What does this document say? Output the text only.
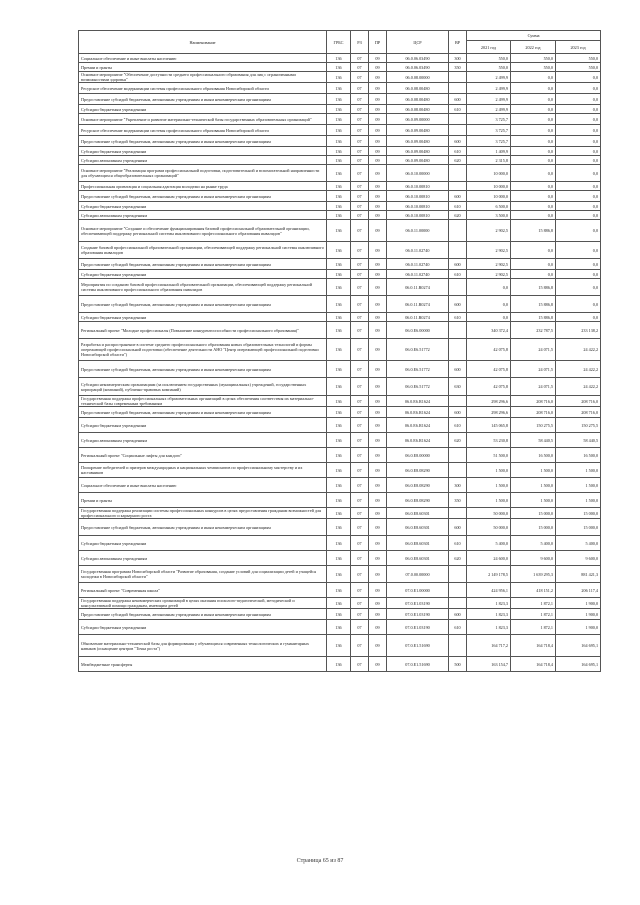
Наименование	ГРБС	РЗ	ПР	ЦСР	ВР	Сумма		
						2021 год	2022 год	2023 год
Социальное обеспечение и иные выплаты населению	136	07	09	06.0.06.03490	300	550,0	550,0	550,0
Премии и гранты	136	07	09	06.0.06.03490	350	550,0	550,0	550,0
Основное мероприятие "Обеспечение доступности среднего профессионального образования для лиц с ограниченными возможностями здоровья"	136	07	09	06.0.08.00000		2 499,9	0,0	0,0
Ресурсное обеспечение модернизации системы профессионального образования Новосибирской области	136	07	09	06.0.08.00480		2 499,9	0,0	0,0
Предоставление субсидий бюджетным, автономным учреждениям и иным некоммерческим организациям	136	07	09	06.0.08.00480	600	2 499,9	0,0	0,0
Субсидии бюджетным учреждениям	136	07	09	06.0.08.00480	610	2 499,9	0,0	0,0
Основное мероприятие "Укрепление и развитие материально-технической базы государственных образовательных организаций"	136	07	09	06.0.09.00000		3 725,7	0,0	0,0
Ресурсное обеспечение модернизации системы профессионального образования Новосибирской области	136	07	09	06.0.09.00480		3 725,7	0,0	0,0
Предоставление субсидий бюджетным, автономным учреждениям и иным некоммерческим организациям	136	07	09	06.0.09.00480	600	3 725,7	0,0	0,0
Субсидии бюджетным учреждениям	136	07	09	06.0.09.00480	610	1 409,9	0,0	0,0
Субсидии автономным учреждениям	136	07	09	06.0.09.00480	620	2 315,8	0,0	0,0
Основное мероприятие "Реализация программ профессиональной подготовки, подготовительной и вспомогательной направленности для обучающихся общеобразовательных организаций"	136	07	09	06.0.10.00000		10 000,0	0,0	0,0
Профессиональная ориентация и социальная адаптация молодежи на рынке труда	136	07	09	06.0.10.00810		10 000,0	0,0	0,0
Предоставление субсидий бюджетным, автономным учреждениям и иным некоммерческим организациям	136	07	09	06.0.10.00810	600	10 000,0	0,0	0,0
Субсидии бюджетным учреждениям	136	07	09	06.0.10.00810	610	6 500,0	0,0	0,0
Субсидии автономным учреждениям	136	07	09	06.0.10.00810	620	3 500,0	0,0	0,0
Основное мероприятие "Создание и обеспечение функционирования базовой профессиональной образовательной организации, обеспечивающей поддержку региональной системы инклюзивного профессионального образования инвалидов"	136	07	09	06.0.11.00000		2 902,5	15 886,8	0,0
Создание базовой профессиональной образовательной организации, обеспечивающей поддержку региональной системы инклюзивного образования инвалидов	136	07	09	06.0.11.02740		2 902,5	0,0	0,0
Предоставление субсидий бюджетным, автономным учреждениям и иным некоммерческим организациям	136	07	09	06.0.11.02740	600	2 902,5	0,0	0,0
Субсидии бюджетным учреждениям	136	07	09	06.0.11.02740	610	2 902,5	0,0	0,0
Мероприятия по созданию базовой профессиональной образовательной организации, обеспечивающей поддержку региональной системы инклюзивного профессионального образования инвалидов	136	07	09	06.0.11.R0274		0,0	15 886,8	0,0
Предоставление субсидий бюджетным, автономным учреждениям и иным некоммерческим организациям	136	07	09	06.0.11.R0274	600	0,0	15 886,8	0,0
Субсидии бюджетным учреждениям	136	07	09	06.0.11.R0274	610	0,0	15 886,8	0,0
Региональный проект "Молодые профессионалы (Повышение конкурентоспособности профессионального образования)"	136	07	09	06.0.E6.00000		340 372,4	232 787,5	233 138,2
Разработка и распространение в системе среднего профессионального образования новых образовательных технологий и формы опережающей профессиональной подготовки (обеспечение деятельности АНО "Центр опережающей профессиональной подготовки Новосибирской области")	136	07	09	06.0.E6.51772		42 075,8	24 071,5	24 422,2
Предоставление субсидий бюджетным, автономным учреждениям и иным некоммерческим организациям	136	07	09	06.0.E6.51772	600	42 075,8	24 071,5	24 422,2
Субсидии некоммерческим организациям (за исключением государственных (муниципальных) учреждений, государственных корпораций (компаний), публично-правовых компаний)	136	07	09	06.0.E6.51772	630	42 075,8	24 071,5	24 422,2
Государственная поддержка профессиональных образовательных организаций в целях обеспечения соответствия их материально-технической базы современным требованиям	136	07	09	06.0.E6.R1624		298 296,6	208 716,0	208 716,0
Предоставление субсидий бюджетным, автономным учреждениям и иным некоммерческим организациям	136	07	09	06.0.E6.R1624	600	298 296,6	208 716,0	208 716,0
Субсидии бюджетным учреждениям	136	07	09	06.0.E6.R1624	610	145 065,8	150 275,5	150 275,5
Субсидии автономным учреждениям	136	07	09	06.0.E6.R1624	620	53 230,8	58 440,5	58 440,5
Региональный проект "Социальные лифты для каждого"	136	07	09	06.0.E8.00000		51 500,0	16 500,0	16 500,0
Поощрение победителей и призеров международных и национальных чемпионатов по профессиональному мастерству и их наставников	136	07	09	06.0.E8.08290		1 500,0	1 500,0	1 500,0
Социальное обеспечение и иные выплаты населению	136	07	09	06.0.E8.08290	300	1 500,0	1 500,0	1 500,0
Премии и гранты	136	07	09	06.0.E8.08290	350	1 500,0	1 500,0	1 500,0
Государственная поддержка реализации системы профессиональных конкурсов в целях предоставления гражданам возможностей для профессионального и карьерного роста	136	07	09	06.0.E8.60301		50 000,0	15 000,0	15 000,0
Предоставление субсидий бюджетным, автономным учреждениям и иным некоммерческим организациям	136	07	09	06.0.E8.60301	600	50 000,0	15 000,0	15 000,0
Субсидии бюджетным учреждениям	136	07	09	06.0.E8.60301	610	5 400,0	5 400,0	5 400,0
Субсидии автономным учреждениям	136	07	09	06.0.E8.60301	620	24 600,0	9 600,0	9 600,0
Государственная программа Новосибирской области "Развитие образования, создание условий для социализации детей и учащейся молодежи в Новосибирской области"	136	07	09	07.0.00.00000		2 149 178,5	1 639 295,3	881 421,3
Региональный проект "Современная школа"	136	07	09	07.0.E1.00000		424 956,1	418 151,2	206 117,4
Государственная поддержка некоммерческих организаций в целях оказания психолого-педагогической, методической и консультативной помощи гражданам, имеющим детей	136	07	09	07.0.E1.03190		1 823,3	1 872,1	1 900,0
Предоставление субсидий бюджетным, автономным учреждениям и иным некоммерческим организациям	136	07	09	07.0.E1.03190	600	1 823,3	1 872,1	1 900,0
Субсидии бюджетным учреждениям	136	07	09	07.0.E1.03190	610	1 823,3	1 872,1	1 900,0
Обновление материально-технической базы для формирования у обучающихся современных технологических и гуманитарных навыков (оснащение центров "Точка роста")	136	07	09	07.0.E1.51690		164 717,2	164 718,4	164 695,1
Межбюджетные трансферты	136	07	09	07.0.E1.51690	500	163 154,7	164 718,4	164 695,1
Страница 65 из 87
